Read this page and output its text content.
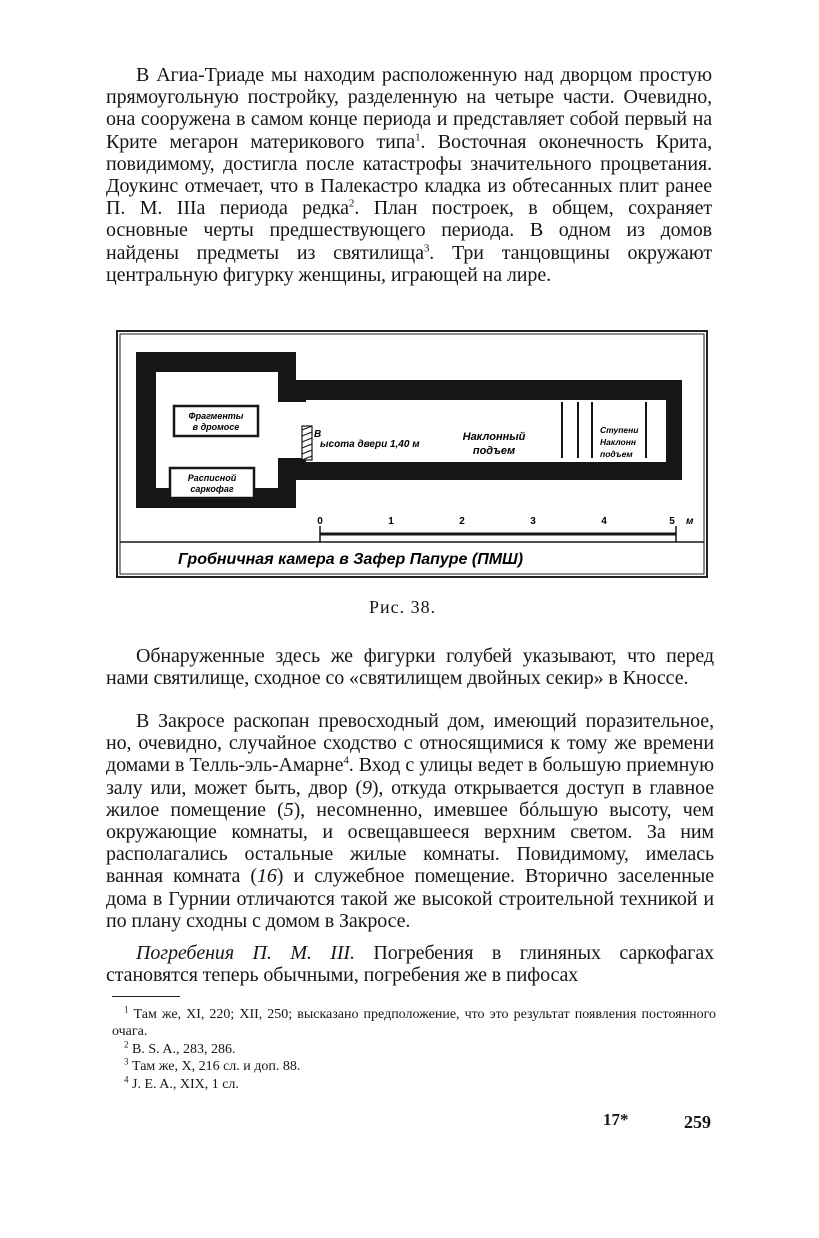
В Агиа-Триаде мы находим расположенную над дворцом простую прямоугольную постройку, разделенную на четыре части. Очевидно, она сооружена в самом конце периода и представляет собой первый на Крите мегарон материкового типа$^1$. Восточная оконечность Крита, повидимому, достигла после катастрофы значительного процветания. Доукинс отмечает, что в Палекастро кладка из обтесанных плит ранее П. М. IIIа периода редка$^2$. План построек, в общем, сохраняет основные черты предшествующего периода. В одном из домов найдены предметы из святилища$^3$. Три танцовщины окружают центральную фигурку женщины, играющей на лире.

Фрагменты
в дромосе
Расписной
саркофаг
В
ысота двери 1,40 м
Наклонный
подъем
Ступени
Наклонн
подъем
0	1	2	3	4	5 м
Гробничная камера в Зафер Папуре (ПМШ)

Рис. 38.

Обнаруженные здесь же фигурки голубей указывают, что перед нами святилище, сходное со «святилищем двойных секир» в Кноссе.

В Закросе раскопан превосходный дом, имеющий поразительное, но, очевидно, случайное сходство с относящимися к тому же времени домами в Телль-эль-Амарне$^4$. Вход с улицы ведет в большую приемную залу или, может быть, двор (9), откуда открывается доступ в главное жилое помещение (5), несомненно, имевшее бóльшую высоту, чем окружающие комнаты, и освещавшееся верхним светом. За ним располагались остальные жилые комнаты. Повидимому, имелась ванная комната (16) и служебное помещение. Вторично заселенные дома в Гурнии отличаются такой же высокой строительной техникой и по плану сходны с домом в Закросе.

Погребения П. М. III. Погребения в глиняных саркофагах становятся теперь обычными, погребения же в пифосах

$^1$ Там же, XI, 220; XII, 250; высказано предположение, что это результат появления постоянного очага.
$^2$ B. S. A., 283, 286.
$^3$ Там же, X, 216 сл. и доп. 88.
$^4$ J. E. A., XIX, 1 сл.

17*	259
